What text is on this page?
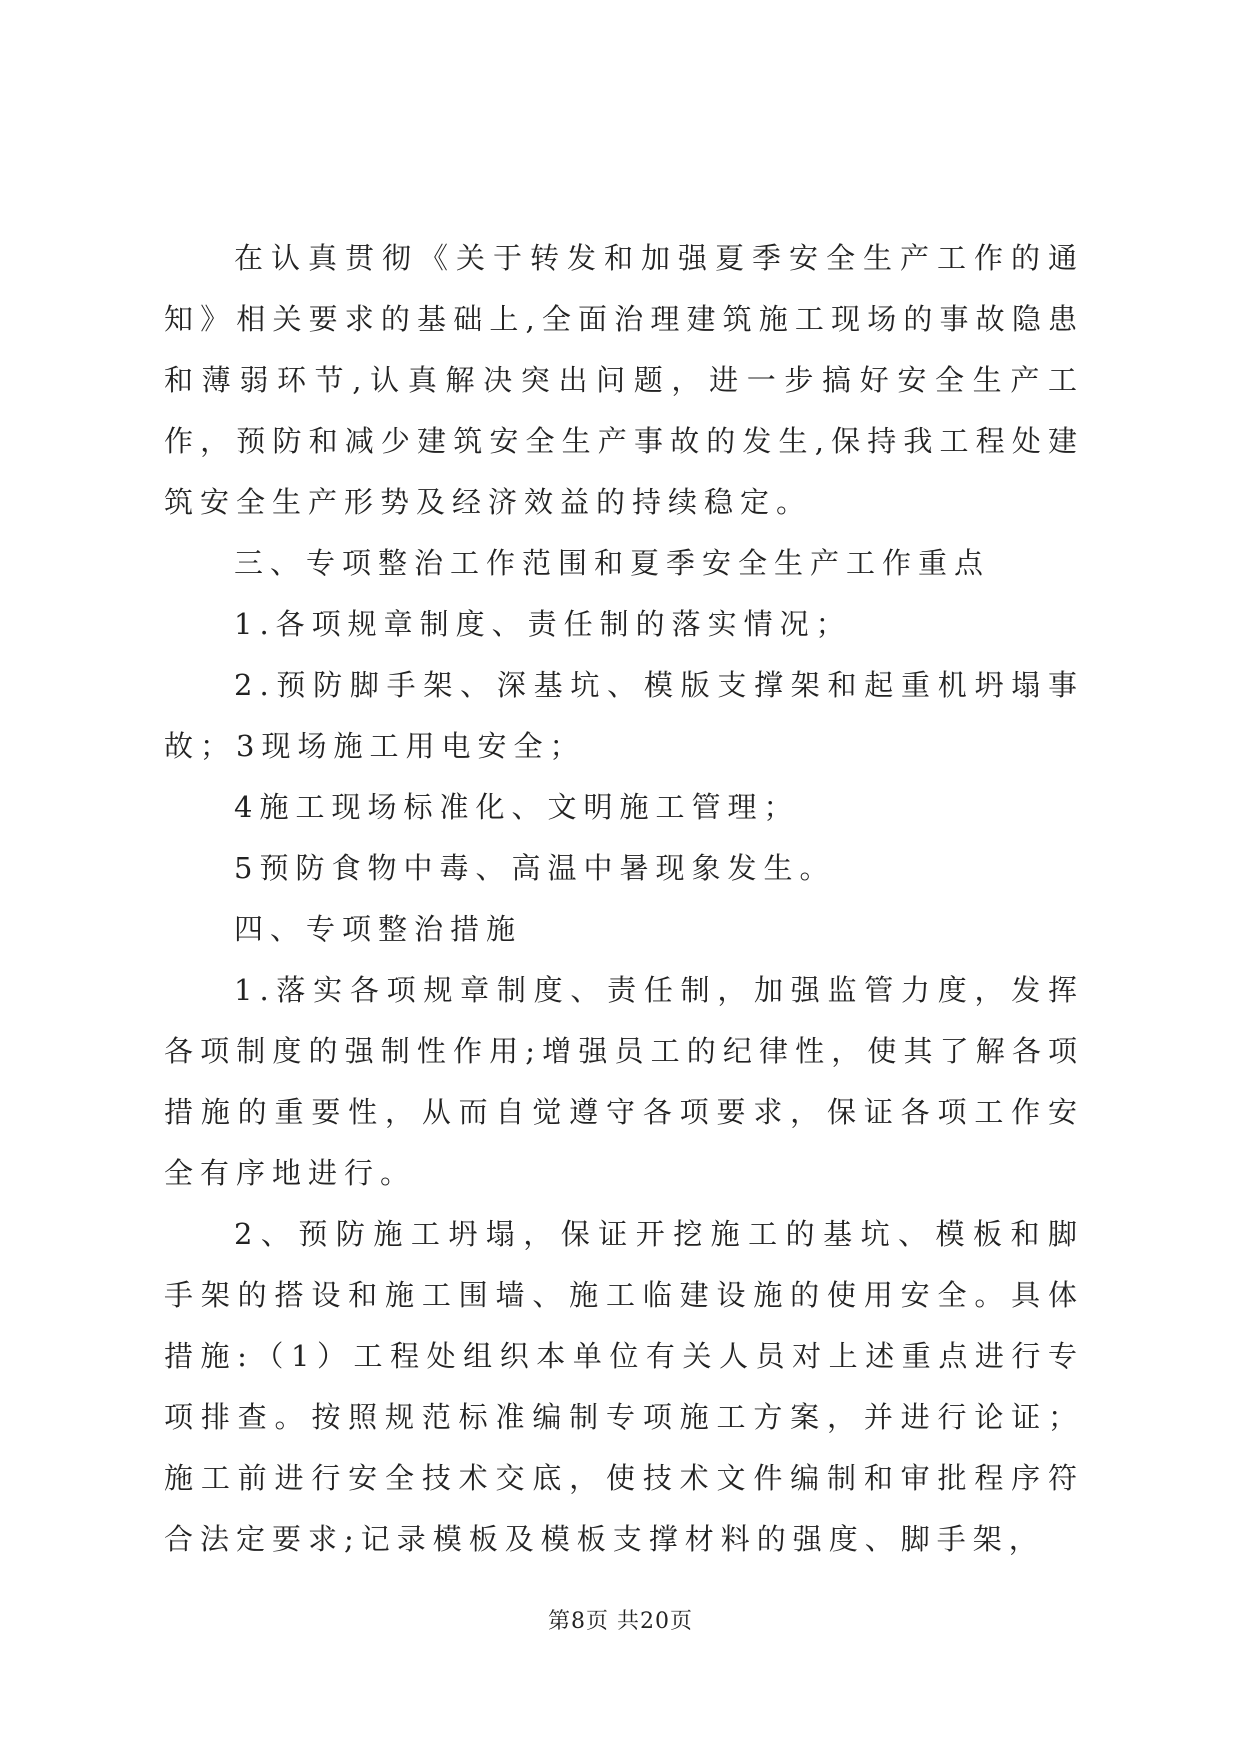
在认真贯彻《关于转发和加强夏季安全生产工作的通知》相关要求的基础上,全面治理建筑施工现场的事故隐患和薄弱环节,认真解决突出问题，进一步搞好安全生产工作，预防和减少建筑安全生产事故的发生,保持我工程处建筑安全生产形势及经济效益的持续稳定。

三、专项整治工作范围和夏季安全生产工作重点

1.各项规章制度、责任制的落实情况；

2.预防脚手架、深基坑、模版支撑架和起重机坍塌事故；3现场施工用电安全；

4施工现场标准化、文明施工管理；

5预防食物中毒、高温中暑现象发生。

四、专项整治措施

1.落实各项规章制度、责任制，加强监管力度，发挥各项制度的强制性作用;增强员工的纪律性，使其了解各项措施的重要性，从而自觉遵守各项要求，保证各项工作安全有序地进行。

2、预防施工坍塌，保证开挖施工的基坑、模板和脚手架的搭设和施工围墙、施工临建设施的使用安全。具体措施:（1）工程处组织本单位有关人员对上述重点进行专项排查。按照规范标准编制专项施工方案，并进行论证；施工前进行安全技术交底，使技术文件编制和审批程序符合法定要求;记录模板及模板支撑材料的强度、脚手架，

第8页 共20页
